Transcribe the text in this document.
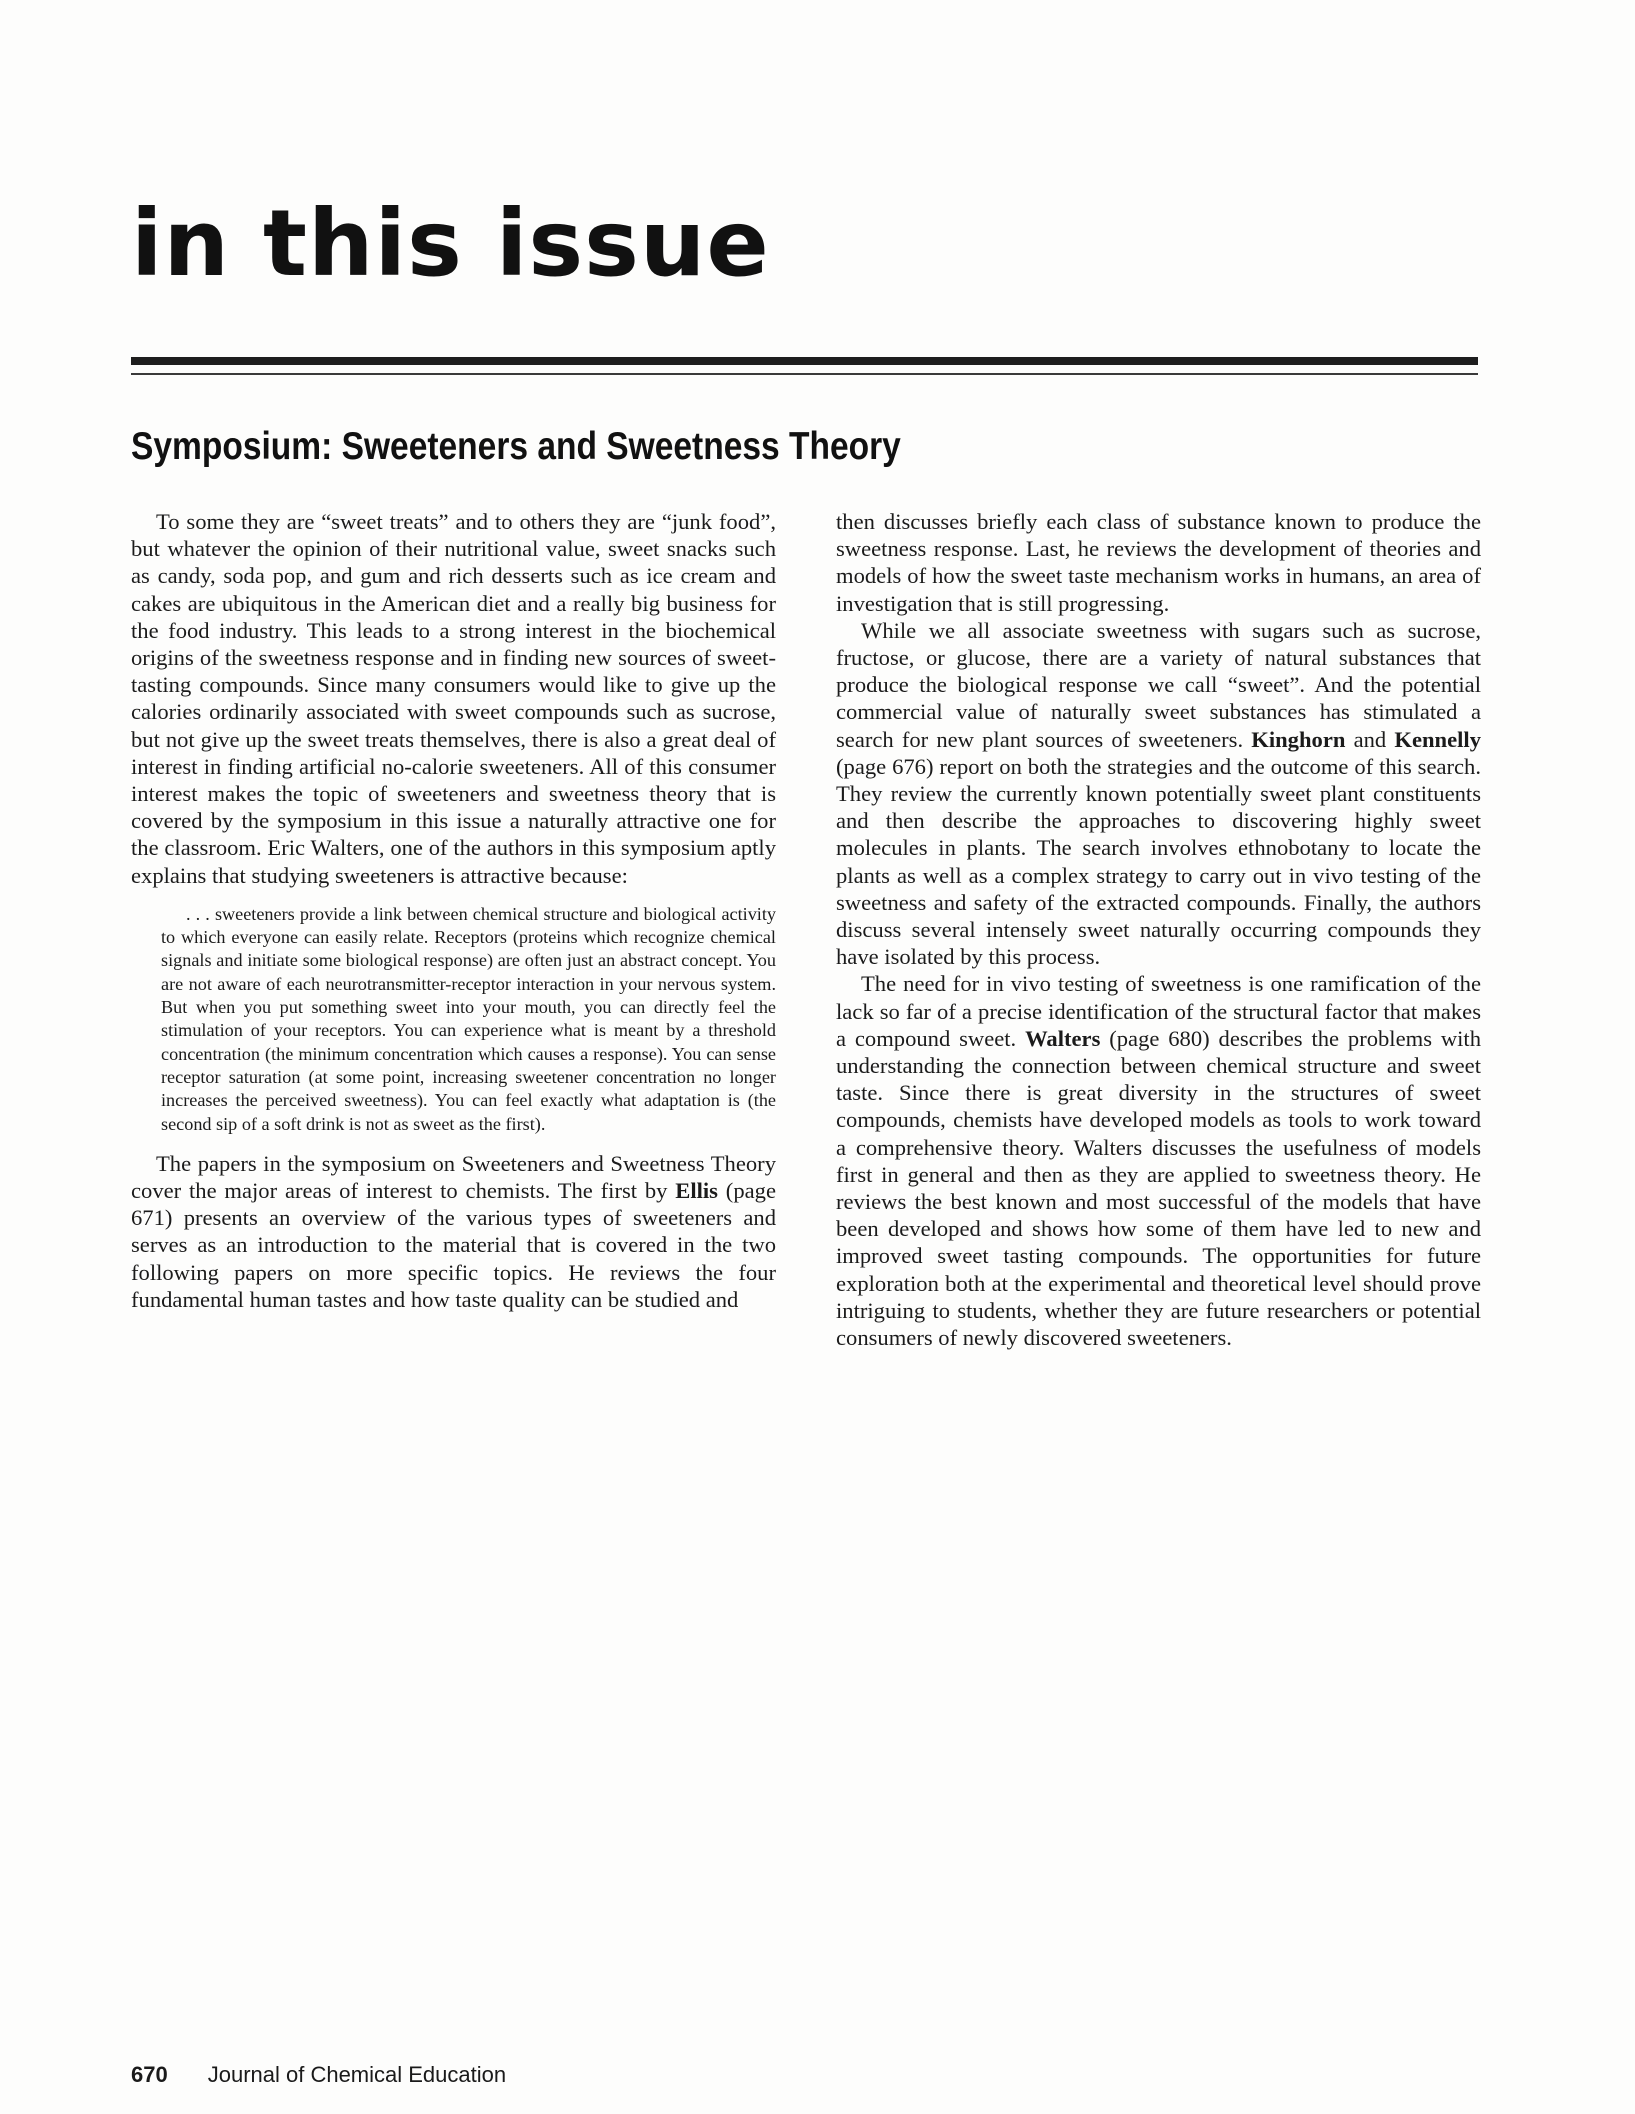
in this issue
Symposium: Sweeteners and Sweetness Theory

To some they are “sweet treats” and to others they are “junk food”, but whatever the opinion of their nutritional value, sweet snacks such as candy, soda pop, and gum and rich desserts such as ice cream and cakes are ubiquitous in the American diet and a really big business for the food industry. This leads to a strong interest in the biochemical origins of the sweetness response and in finding new sources of sweet-tasting compounds. Since many consumers would like to give up the calories ordinarily associated with sweet compounds such as sucrose, but not give up the sweet treats themselves, there is also a great deal of interest in finding artificial no-calorie sweeteners. All of this consumer interest makes the topic of sweeteners and sweetness theory that is covered by the symposium in this issue a naturally attractive one for the classroom. Eric Walters, one of the authors in this symposium aptly explains that studying sweeteners is attractive because:

. . . sweeteners provide a link between chemical structure and biological activity to which everyone can easily relate. Receptors (proteins which recognize chemical signals and initiate some biological response) are often just an abstract concept. You are not aware of each neurotransmitter-receptor interaction in your nervous system. But when you put something sweet into your mouth, you can directly feel the stimulation of your receptors. You can experience what is meant by a threshold concentration (the minimum concentration which causes a response). You can sense receptor saturation (at some point, increasing sweetener concentration no longer increases the perceived sweetness). You can feel exactly what adaptation is (the second sip of a soft drink is not as sweet as the first).

The papers in the symposium on Sweeteners and Sweetness Theory cover the major areas of interest to chemists. The first by Ellis (page 671) presents an overview of the various types of sweeteners and serves as an introduction to the material that is covered in the two following papers on more specific topics. He reviews the four fundamental human tastes and how taste quality can be studied and

then discusses briefly each class of substance known to produce the sweetness response. Last, he reviews the development of theories and models of how the sweet taste mechanism works in humans, an area of investigation that is still progressing.

While we all associate sweetness with sugars such as sucrose, fructose, or glucose, there are a variety of natural substances that produce the biological response we call “sweet”. And the potential commercial value of naturally sweet substances has stimulated a search for new plant sources of sweeteners. Kinghorn and Kennelly (page 676) report on both the strategies and the outcome of this search. They review the currently known potentially sweet plant constituents and then describe the approaches to discovering highly sweet molecules in plants. The search involves ethnobotany to locate the plants as well as a complex strategy to carry out in vivo testing of the sweetness and safety of the extracted compounds. Finally, the authors discuss several intensely sweet naturally occurring compounds they have isolated by this process.

The need for in vivo testing of sweetness is one ramification of the lack so far of a precise identification of the structural factor that makes a compound sweet. Walters (page 680) describes the problems with understanding the connection between chemical structure and sweet taste. Since there is great diversity in the structures of sweet compounds, chemists have developed models as tools to work toward a comprehensive theory. Walters discusses the usefulness of models first in general and then as they are applied to sweetness theory. He reviews the best known and most successful of the models that have been developed and shows how some of them have led to new and improved sweet tasting compounds. The opportunities for future exploration both at the experimental and theoretical level should prove intriguing to students, whether they are future researchers or potential consumers of newly discovered sweeteners.

670 Journal of Chemical Education
